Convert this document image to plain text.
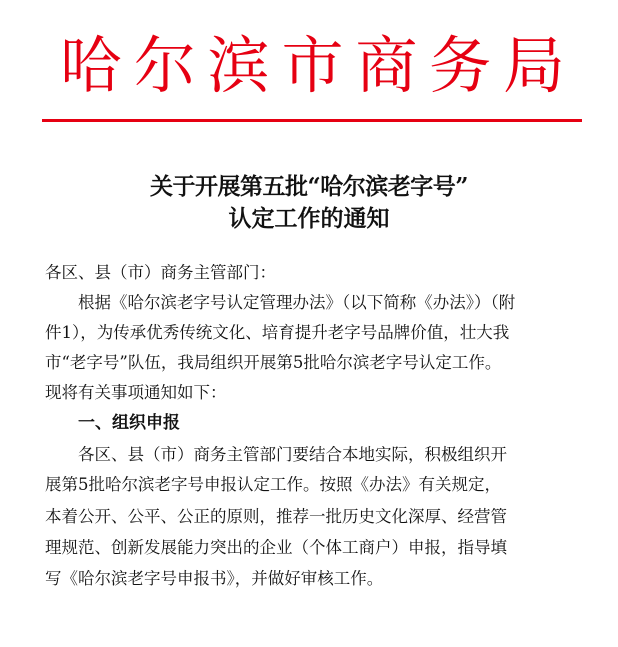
哈 尔 滨 市 商 务 局
关于开展第五批“哈尔滨老字号”
认定工作的通知
各区、县（市）商务主管部门：
根据《哈尔滨老字号认定管理办法》（以下简称《办法》）（附
件1），为传承优秀传统文化、培育提升老字号品牌价值，壮大我
市“老字号”队伍，我局组织开展第5批哈尔滨老字号认定工作。
现将有关事项通知如下：
一、组织申报
各区、县（市）商务主管部门要结合本地实际，积极组织开
展第5批哈尔滨老字号申报认定工作。按照《办法》有关规定，
本着公开、公平、公正的原则，推荐一批历史文化深厚、经营管
理规范、创新发展能力突出的企业（个体工商户）申报，指导填
写《哈尔滨老字号申报书》，并做好审核工作。
